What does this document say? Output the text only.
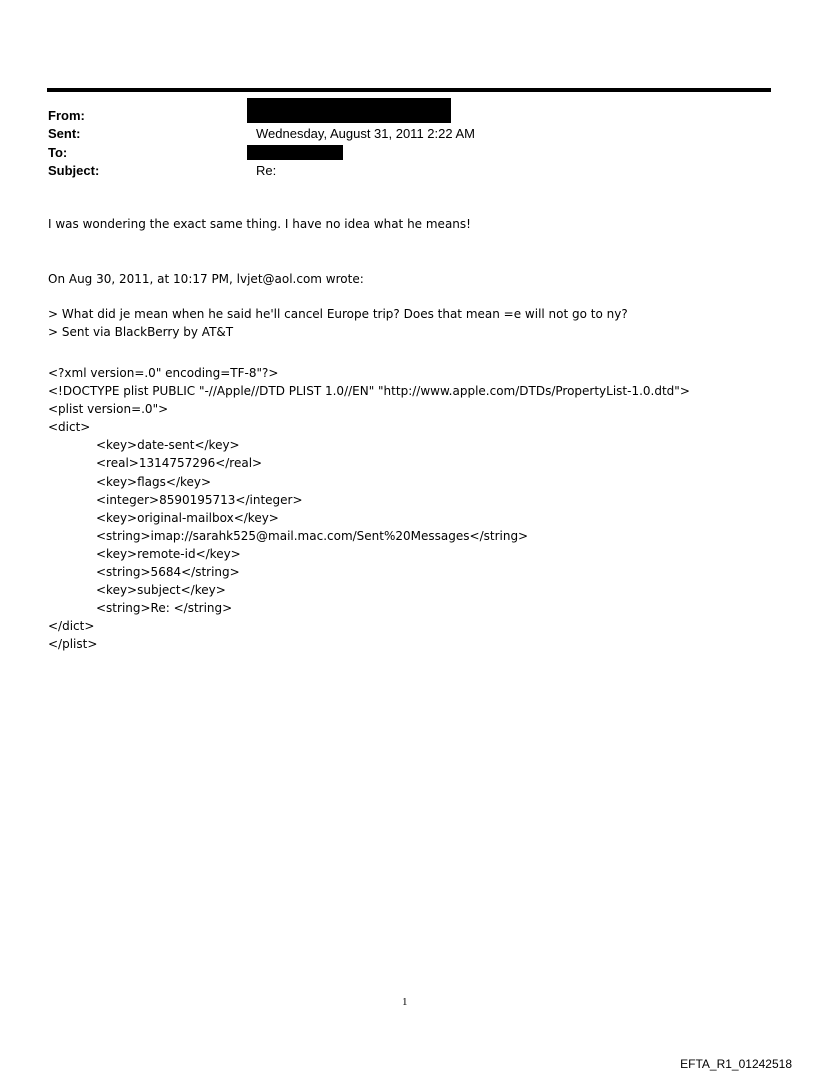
From:
Sent:	Wednesday, August 31, 2011 2:22 AM
To:
Subject:	Re:
I was wondering the exact same thing. I have no idea what he means!
On Aug 30, 2011, at 10:17 PM, lvjet@aol.com wrote:
> What did je mean when he said he'll cancel Europe trip? Does that mean =e will not go to ny?
> Sent via BlackBerry by AT&T
<?xml version=.0" encoding=TF-8"?>
<!DOCTYPE plist PUBLIC "-//Apple//DTD PLIST 1.0//EN" "http://www.apple.com/DTDs/PropertyList-1.0.dtd">
<plist version=.0">
<dict>
<key>date-sent</key>
<real>1314757296</real>
<key>flags</key>
<integer>8590195713</integer>
<key>original-mailbox</key>
<string>imap://sarahk525@mail.mac.com/Sent%20Messages</string>
<key>remote-id</key>
<string>5684</string>
<key>subject</key>
<string>Re: </string>
</dict>
</plist>
1
EFTA_R1_01242518
